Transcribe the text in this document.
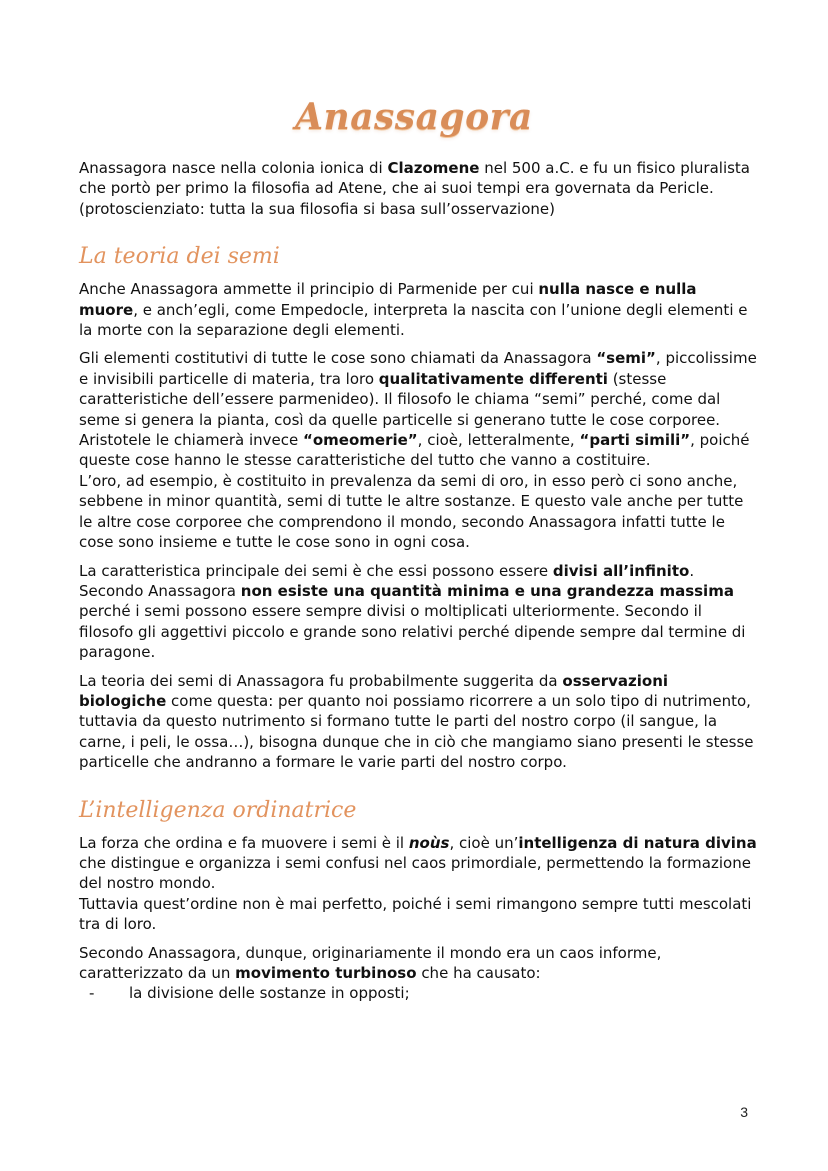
Anassagora

Anassagora nasce nella colonia ionica di Clazomene nel 500 a.C. e fu un fisico pluralista che portò per primo la filosofia ad Atene, che ai suoi tempi era governata da Pericle.

(protoscienziato: tutta la sua filosofia si basa sull’osservazione)

La teoria dei semi

Anche Anassagora ammette il principio di Parmenide per cui nulla nasce e nulla muore, e anch’egli, come Empedocle, interpreta la nascita con l’unione degli elementi e la morte con la separazione degli elementi.

Gli elementi costitutivi di tutte le cose sono chiamati da Anassagora “semi”, piccolissime e invisibili particelle di materia, tra loro qualitativamente differenti (stesse caratteristiche dell’essere parmenideo). Il filosofo le chiama “semi” perché, come dal seme si genera la pianta, così da quelle particelle si generano tutte le cose corporee. Aristotele le chiamerà invece “omeomerie”, cioè, letteralmente, “parti simili”, poiché queste cose hanno le stesse caratteristiche del tutto che vanno a costituire.

L’oro, ad esempio, è costituito in prevalenza da semi di oro, in esso però ci sono anche, sebbene in minor quantità, semi di tutte le altre sostanze. E questo vale anche per tutte le altre cose corporee che comprendono il mondo, secondo Anassagora infatti tutte le cose sono insieme e tutte le cose sono in ogni cosa.

La caratteristica principale dei semi è che essi possono essere divisi all’infinito. Secondo Anassagora non esiste una quantità minima e una grandezza massima perché i semi possono essere sempre divisi o moltiplicati ulteriormente. Secondo il filosofo gli aggettivi piccolo e grande sono relativi perché dipende sempre dal termine di paragone.

La teoria dei semi di Anassagora fu probabilmente suggerita da osservazioni biologiche come questa: per quanto noi possiamo ricorrere a un solo tipo di nutrimento, tuttavia da questo nutrimento si formano tutte le parti del nostro corpo (il sangue, la carne, i peli, le ossa…), bisogna dunque che in ciò che mangiamo siano presenti le stesse particelle che andranno a formare le varie parti del nostro corpo.

L’intelligenza ordinatrice

La forza che ordina e fa muovere i semi è il noùs, cioè un’intelligenza di natura divina che distingue e organizza i semi confusi nel caos primordiale, permettendo la formazione del nostro mondo.

Tuttavia quest’ordine non è mai perfetto, poiché i semi rimangono sempre tutti mescolati tra di loro.

Secondo Anassagora, dunque, originariamente il mondo era un caos informe, caratterizzato da un movimento turbinoso che ha causato:

- la divisione delle sostanze in opposti;
3
